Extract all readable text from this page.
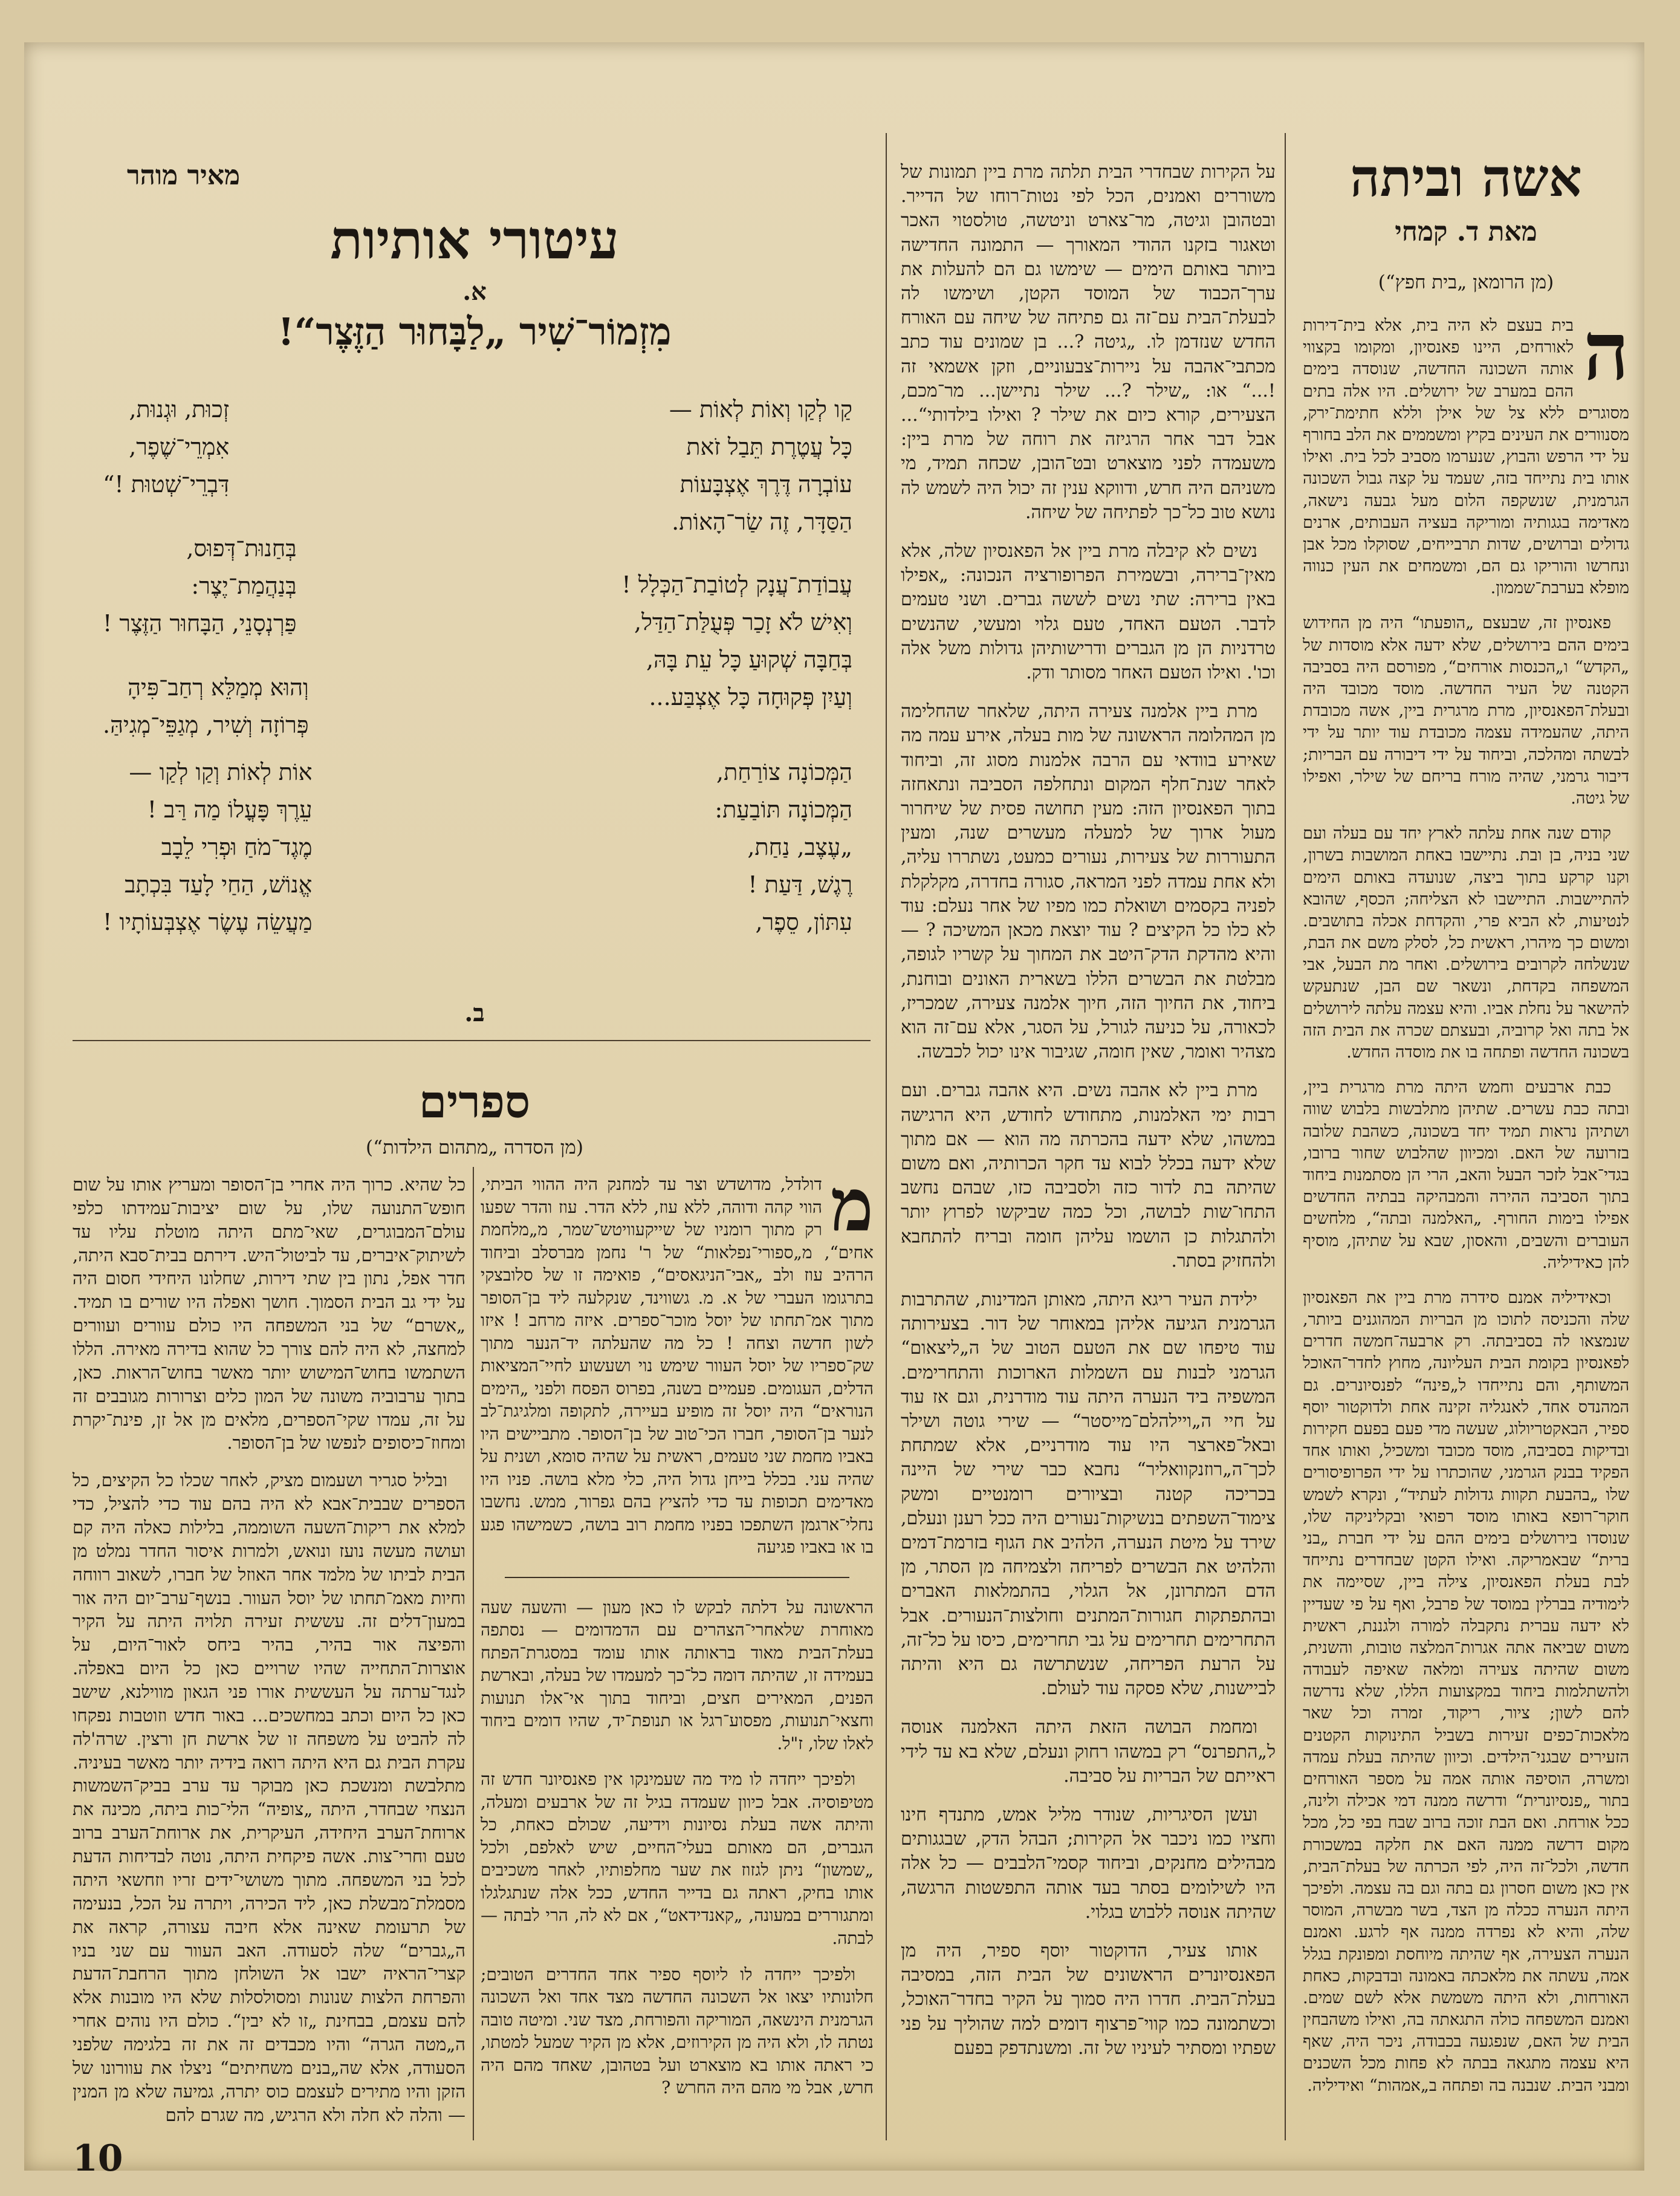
אשה וביתה
מאת ד. קמחי
(מן הרומאן „בית חפץ“)

ה
בית בעצם לא היה בית, אלא בית־דירות לאורחים, היינו פאנסיון, ומקומו בקצווי אותה השכונה החדשה, שנוסדה בימים ההם במערב של ירושלים. היו אלה בתים מסוגרים ללא צל של אילן וללא חתימת־ירק, מסנוורים את העינים בקיץ ומשממים את הלב בחורף על ידי הרפש והבוץ, שנערמו מסביב לכל בית. ואילו אותו בית נתייחד בזה, שעמד על קצה גבול השכונה הגרמנית, שנשקפה הלום מעל גבעה נישאה, מאדימה בגגותיה ומוריקה בעציה העבותים, ארנים גדולים וברושים, שדות תרבייחים, שסוקלו מכל אבן ונחרשו והוריקו גם הם, ומשמחים את העין כנווה מופלא בערבת־שממון.

פאנסיון זה, שבעצם „הופעתו“ היה מן החידוש בימים ההם בירושלים, שלא ידעה אלא מוסדות של „הקדש“ ו„הכנסות אורחים“, מפורסם היה בסביבה הקטנה של העיר החדשה. מוסד מכובד היה ובעלת־הפאנסיון, מרת מרגרית ביין, אשה מכובדת היתה, שהעמידה עצמה מכובדת עוד יותר על ידי לבשתה ומהלכה, וביחוד על ידי דיבורה עם הבריות; דיבור גרמני, שהיה מורח בריחם של שילר, ואפילו של גיטה.

קודם שנה אחת עלתה לארץ יחד עם בעלה ועם שני בניה, בן ובת. נתיישבו באחת המושבות בשרון, וקנו קרקע בתוך ביצה, שנועדה באותם הימים להתיישבות. התיישבו לא הצליחה; הכסף, שהובא לנטיעות, לא הביא פרי, והקדחת אכלה בתושבים. ומשום כך מיהרו, ראשית כל, לסלק משם את הבת, שנשלחה לקרובים בירושלים. ואחר מת הבעל, אבי המשפחה בקדחת, ונשאר שם הבן, שנתעקש להישאר על נחלת אביו. והיא עצמה עלתה לירושלים אל בתה ואל קרוביה, ובעצתם שכרה את הבית הזה בשכונה החדשה ופתחה בו את מוסדה החדש.

כבת ארבעים וחמש היתה מרת מרגרית ביין, ובתה כבת עשרים. שתיהן מתלבשות בלבוש שווה ושתיהן נראות תמיד יחד בשכונה, כשהבת שלובה בזרועה של האם. ומכיוון שהלבוש שחור ברובו, בגדי־אבל לזכר הבעל והאב, הרי הן מסתמנות ביחוד בתוך הסביבה ההירה והמבהיקה בבתיה החדשים אפילו בימות החורף. „האלמנה ובתה“, מלחשים העוברים והשבים, והאסון, שבא על שתיהן, מוסיף להן כאידיליה.

וכאידיליה אמנם סידרה מרת ביין את הפאנסיון שלה והכניסה לתוכו מן הבריות המהוגנים ביותר, שנמצאו לה בסביבתה. רק ארבעה־חמשה חדרים לפאנסיון בקומת הבית העליונה, מחוץ לחדר־האוכל המשותף, והם נתייחדו ל„פינה“ לפנסיונרים. גם המהנדס אחד, לאנגליה זקינה אחת ולדוקטור יוסף ספיר, הבאקטריולוג, שעשה מדי פעם בפעם חקירות ובדיקות בסביבה, מוסד מכובד ומשכיל, ואותו אחד הפקיד בבנק הגרמני, שהוכתרו על ידי הפרופיסורים שלו „בהבעת תקוות גדולות לעתיד“, ונקרא לשמש חוקר־רופא באותו מוסד רפואי ובקליניקה שלו, שנוסדו בירושלים בימים ההם על ידי חברת „בני ברית“ שבאמריקה. ואילו הקטן שבחדרים נתייחד לבת בעלת הפאנסיון, צילה ביין, שסיימה את לימודיה בברלין במוסד של פרבל, ואף על פי שעדיין לא ידעה עברית נתקבלה למורה ולגננת, ראשית משום שביאה אתה אגרות־המלצה טובות, והשנית, משום שהיתה צעירה ומלאה שאיפה לעבודה ולהשתלמות ביחוד במקצועות הללו, שלא נדרשה להם לשון; ציור, ריקוד, זמרה וכל שאר מלאכות־כפים זעירות בשביל התינוקות הקטנים הזעירים שבגני־הילדים. וכיוון שהיתה בעלת עמדה ומשרה, הוסיפה אותה אמה על מספר האורחים בתור „פנסיונרית“ ודרשה ממנה דמי אכילה ולינה, ככל אורחת. ואם הבת זוכה ברוב שבח בפי כל, מכל מקום דרשה ממנה האם את חלקה במשכורת חדשה, ולכל־זה היה, לפי הכרתה של בעלת־הבית, אין כאן משום חסרון גם בתה וגם בה עצמה. ולפיכך היתה הנערה ככלה מן הצד, בשר מבשרה, המוסר שלה, והיא לא נפרדה ממנה אף לרגע. ואמנם הנערה הצעירה, אף שהיתה מיוחסת ומפונקת בגלל אמה, עשתה את מלאכתה באמונה ובדבקות, כאחת האורחות, ולא היתה משמשת אלא לשם שמים. ואמנם המשפחה כולה התגאתה בה, ואילו משהבחין הבית של האם, שנפגעה בכבודה, ניכר היה, שאף היא עצמה מתגאה בבתה לא פחות מכל השכנים ומבני הבית. שנבנה בה ופתחה ב„אמהות“ ואידיליה.

על הקירות שבחדרי הבית תלתה מרת ביין תמונות של משוררים ואמנים, הכל לפי נטות־רוחו של הדייר. ובטהובן וגיטה, מר־צארט וניטשה, טולסטוי האכר וטאגור בזקנו ההודי המאורך — התמונה החדישה ביותר באותם הימים — שימשו גם הם להעלות את ערך־הכבוד של המוסד הקטן, ושימשו לה לבעלת־הבית עם־זה גם פתיחה של שיחה עם האורח החדש שנזדמן לו. „גיטה ?... בן שמונים עוד כתב מכתבי־אהבה על ניירות־צבעוניים, וזקן אשמאי זה !...“ או: „שילר ?... שילר נתיישן... מר־מכם, הצעירים, קורא כיום את שילר ? ואילו בילדותי“... אבל דבר אחר הרגיזה את רוחה של מרת ביין: משעמדה לפני מוצארט ובט־הובן, שכחה תמיד, מי משניהם היה חרש, ודווקא ענין זה יכול היה לשמש לה נושא טוב כל־כך לפתיחה של שיחה.

נשים לא קיבלה מרת ביין אל הפאנסיון שלה, אלא מאין־ברירה, ובשמירת הפרופורציה הנכונה: „אפילו באין ברירה: שתי נשים לששה גברים. ושני טעמים לדבר. הטעם האחד, טעם גלוי ומעשי, שהנשים טרדניות הן מן הגברים ודרישותיהן גדולות משל אלה וכו'. ואילו הטעם האחר מסותר ודק.

מרת ביין אלמנה צעירה היתה, שלאחר שהחלימה מן המהלומה הראשונה של מות בעלה, אירע עמה מה שאירע בוודאי עם הרבה אלמנות מסוג זה, וביחוד לאחר שנת־חלף המקום ונתחלפה הסביבה ונתאחזה בתוך הפאנסיון הזה: מעין תחושה פסית של שיחרור מעול ארוך של למעלה מעשרים שנה, ומעין התעוררות של צעירות, נעורים כמעט, נשתררו עליה, ולא אחת עמדה לפני המראה, סגורה בחדרה, מקלקלת לפניה בקסמים ושואלת כמו מפיו של אחר נעלם: עוד לא כלו כל הקיצים ? עוד יוצאת מכאן המשיכה ? — והיא מהדקת הדק־היטב את המחוך על קשריו לגופה, מבלטת את הבשרים הללו בשארית האונים ובוחנת, ביחוד, את החיוך הזה, חיוך אלמנה צעירה, שמכריז, לכאורה, על כניעה לגורל, על הסגר, אלא עם־זה הוא מצהיר ואומר, שאין חומה, שגיבור אינו יכול לכבשה.

מרת ביין לא אהבה נשים. היא אהבה גברים. ועם רבות ימי האלמנות, מתחודש לחודש, היא הרגישה במשהו, שלא ידעה בהכרתה מה הוא — אם מתוך שלא ידעה בכלל לבוא עד חקר הכרותיה, ואם משום שהיתה בת לדור כזה ולסביבה כזו, שבהם נחשב התחו־שות לבושה, וכל כמה שביקשו לפרוץ יותר ולהתגלות כן הושמו עליהן חומה ובריח להתחבא ולהחזיק בסתר.

ילידת העיר ריגא היתה, מאותן המדינות, שהתרבות הגרמנית הגיעה אליהן במאוחר של דור. בצעירותה עוד טיפחו שם את הטעם הטוב של ה„ליצאום“ הגרמני לבנות עם השמלות הארוכות והתחרימים. המשפיה ביד הנערה היתה עוד מודרנית, וגם אז עוד על חיי ה„ויילהלם־מייסטר“ — שירי גוטה ושילר ובאל־פארצר היו עוד מודרניים, אלא שמתחת לכך־ה„רוזנקוואליר“ נחבא כבר שירי של היינה בכריכה קטנה ובציורים רומנטיים ומשק צימוד־השפתים בנשיקות־נעורים היה ככל רענן ונעלם, שירד על מיטת הנערה, הלהיב את הגוף בזרמת־דמים והלהיט את הבשרים לפריחה ולצמיחה מן הסתר, מן הדם המתרונן, אל הגלוי, בהתמלאות האברים ובהתפתקות חגורות־המתנים וחולצות־הנעורים. אבל התחרימים תחרימים על גבי תחרימים, כיסו על כל־זה, על הרעת הפריחה, שנשתרשה גם היא והיתה לביישנות, שלא פסקה עוד לעולם.

ומחמת הבושה הזאת היתה האלמנה אנוסה ל„התפרנס“ רק במשהו רחוק ונעלם, שלא בא עד לידי ראייתם של הבריות על סביבה.

ועשן הסיגריות, שנודר מליל אמש, מתנדף חינו וחציו כמו ניכבר אל הקירות; הבהל הדק, שבגגותים מבהילים מחנקים, וביחוד קסמי־הלבבים — כל אלה היו לשילומים בסתר בעד אותה התפשטות הרגשה, שהיתה אנוסה ללבוש בגלוי.

אותו צעיר, הדוקטור יוסף ספיר, היה מן הפאנסיונרים הראשונים של הבית הזה, במסיבה בעלת־הבית. חדרו היה סמוך על הקיר בחדר־האוכל, וכשתמונה כמו קווי־פרצוף דומים למה שהוליך על פני שפתיו ומסתיר לעיניו של זה. ומשנתדפק בפעם

מאיר מוהר
עיטורי אותיות
א.
מִזְמוֹר־שִׁיר „לַבָּחוּר הַזֶּצֶר“!
קַו לְקַו וְאוֹת לְאוֹת —
כָּל עֲטֶרֶת תֵּבַל זֹאת
עוֹבְרָה דֶּרֶךְ אֶצְבָּעוֹת
הַסַּדָּר, זֶה שַׂר־הָאוֹת.
זְכוּת, וּגְנוּת,
אִמְרֵי־שֶׁפֶר,
דִּבְרֵי־שְׁטוּת !“
עֲבוֹדַת־עֲנָק לְטוֹבַת־הַכְּלָל !
וְאִישׁ לֹא זָכַר פְּעֻלַּת־הַדַּל,
בְּחַבָּה שְׁקוּעַ כָּל עֵת בָּהּ,
וְעַיִן פְּקוּחָה כָּל אֶצְבַּע...
בְּחַנוּת־דְּפוּס,
בְּנַהֲמַת־יֶצֶר:
פַּרְנְסָנֵי, הַבָּחוּר הַזֶּצֶר !
וְהוּא מְמַלֵּא רְחַב־פִּיהָ
פְּרוֹזָה וְשִׁיר, מְגַפֵּי־מְגִיהַּ.
הַמְּכוֹנָה צוֹרַחַת,
הַמְּכוֹנָה תּוֹבַעַת:
„עֶצֶב, נַחַת,
רֶגֶשׁ, דַּעַת !
עִתּוֹן, סֵפֶר,
אוֹת לְאוֹת וְקַו לְקַו —
עֵרֶךְ פָּעֳלוֹ מַה רַּב !
מֶגֶד־מֹחַ וּפְרִי לֵבָב
אֱנוֹשׁ, הַחַי לָעַד בִּכְתָב
מַעֲשֵׂה עֶשֶׂר אֶצְבְּעוֹתָיו !
ב.
ספרים
(מן הסדרה „מתהום הילדות“)

מ
דולדל, מדושדש וצר עד למחנק היה ההווי הביתי, הווי קהה ודוהה, ללא עוז, ללא הדר. עוז והדר שפעו רק מתוך רומניו של שייקעוויטש־שמר, מ„מלחמת אחים“, מ„ספורי־נפלאות“ של ר' נחמן מברסלב וביחוד הרהיב עוז ולב „אבי־הניגאסים“, פואימה זו של סלובצקי בתרגומו העברי של א. מ. גשווינד, שנקלעה ליד בן־הסופר מתוך אמ־תחתו של יוסל מוכר־ספרים. איזה מרחב ! איזו לשון חדשה וצחה ! כל מה שהעלתה יד־הנער מתוך שק־ספריו של יוסל העוור שימש נוי ושעשוע לחיי־המציאות הדלים, העגומים. פעמיים בשנה, בפרוס הפסח ולפני „הימים הנוראים“ היה יוסל זה מופיע בעיירה, לתקופה ומלגיגת־לב לנער בן־הסופר, חברו הכי־טוב של בן־הסופר. מתביישים היו באביו מחמת שני טעמים, ראשית על שהיה סומא, ושנית על שהיה עני. בכלל בייחן גדול היה, כלי מלא בושה. פניו היו מאדימים תכופות עד כדי להציץ בהם גפרור, ממש. נחשבו נחלי־ארגמן השתפכו בפניו מחמת רוב בושה, כשמישהו פגע בו או באביו פגיעה

הראשונה על דלתה לבקש לו כאן מעון — והשעה שעה מאוחרת שלאחרי־הצהרים עם הדמדומים — נסתפה בעלת־הבית מאוד בראותה אותו עומד במסגרת־הפתח בעמידה זו, שהיתה דומה כל־כך למעמדו של בעלה, ובארשת הפנים, המאירים חצים, וביחוד בתוך אי־אלו תנועות וחצאי־תנועות, מפסוע־רגל או תנופת־יד, שהיו דומים ביחוד לאלו שלו, ז"ל.

ולפיכך ייחדה לו מיד מה שעמינקו אין פאנסיונר חדש זה מטיפוסיה. אבל כיוון שעמדה בגיל זה של ארבעים ומעלה, והיתה אשה בעלת נסיונות וידיעה, שכולם כאחת, כל הגברים, הם מאותם בעלי־החיים, שיש לאלפם, ולכל „שמשון“ ניתן לגזוז את שער מחלפותיו, לאחר משכיבים אותו בחיק, ראתה גם בדייר החדש, ככל אלה שנתגלגלו ומתגוררים במעונה, „קאנדידאט“, אם לא לה, הרי לבתה — לבתה.

ולפיכך ייחדה לו ליוסף ספיר אחד החדרים הטובים; חלונותיו יצאו אל השכונה החדשה מצד אחד ואל השכונה הגרמנית הינשאה, המוריקה והפורחת, מצד שני. ומיטה טובה נטתה לו, ולא היה מן הקירוזים, אלא מן הקיר שמעל למטתו, כי ראתה אותו בא מוצארט ועל בטהובן, שאחד מהם היה חרש, אבל מי מהם היה החרש ?

כל שהיא. כרוך היה אחרי בן־הסופר ומעריץ אותו על שום חופש־התנועה שלו, על שום יציבות־עמידתו כלפי עולם־המבוגרים, שאי־מתם היתה מוטלת עליו עד לשיתוק־איברים, עד לביטול־היש. דירתם בבית־סבא היתה, חדר אפל, נתון בין שתי דירות, שחלונו היחידי חסום היה על ידי גב הבית הסמוך. חושך ואפלה היו שורים בו תמיד. „אשרם“ של בני המשפחה היו כולם עוורים ועוורים למחצה, לא היה להם צורך כל שהוא בדירה מאירה. הללו השתמשו בחוש־המישוש יותר מאשר בחוש־הראות. כאן, בתוך ערבוביה משונה של המון כלים וצרורות מגובבים זה על זה, עמדו שקי־הספרים, מלאים מן אל זן, פינת־יקרת ומחוז־כיסופים לנפשו של בן־הסופר.

ובליל סגריר ושעמום מציק, לאחר שכלו כל הקיצים, כל הספרים שבבית־אבא לא היה בהם עוד כדי להציל, כדי למלא את ריקות־השעה השוממה, בלילות כאלה היה קם ועושה מעשה נועז ונואש, ולמרות איסור החדר נמלט מן הבית לביתו של מלמד אחר האוזל של חברו, לשאוב רווחה וחיות מאמ־תחתו של יוסל העוור. בנשף־ערב־יום היה אור במעון־דלים זה. עששית זעירה תלויה היתה על הקיר והפיצה אור בהיר, בהיר ביחס לאור־היום, על אוצרות־התחייה שהיו שרויים כאן כל היום באפלה. לנגד־ערתה על העששית אורו פני הגאון מווילנא, שישב כאן כל היום וכתב במחשכים... באור חדש וזוטבות נפקחו לה להביט על משפחה זו של ארשת חן ורצין. שרה'לה עקרת הבית גם היא היתה רואה בידיה יותר מאשר בעיניה. מתלבשת ומנשכת כאן מבוקר עד ערב בביק־השמשות הנצחי שבחדר, היתה „צופיה“ הלי־כות ביתה, מכינה את ארוחת־הערב היחידה, העיקרית, את ארוחת־הערב ברוב טעם וחרי־צות. אשה פיקחית היתה, נוטה לבדיחות הדעת לכל בני המשפחה. מתוך משושי־ידים זריו וזחשאי היתה מסמלת־מבשלת כאן, ליד הכירה, ויתרה על הכל, בנעימה של תרעומת שאינה אלא חיבה עצורה, קראה את ה„גברים“ שלה לסעודה. האב העוור עם שני בניו קצרי־הראיה ישבו אל השולחן מתוך הרחבת־הדעת והפרחת הלצות שנונות ומסולסלות שלא היו מובנות אלא להם עצמם, בבחינת „זו לא יבין“. כולם היו נוהים אחרי ה„מטה הגרה“ והיו מכבדים זה את זה בלגימה שלפני הסעודה, אלא שה„בנים משחיתים“ ניצלו את עוורונו של הזקן והיו מתירים לעצמם כוס יתרה, גמיעה שלא מן המנין — והלה לא חלה ולא הרגיש, מה שגרם להם

10
